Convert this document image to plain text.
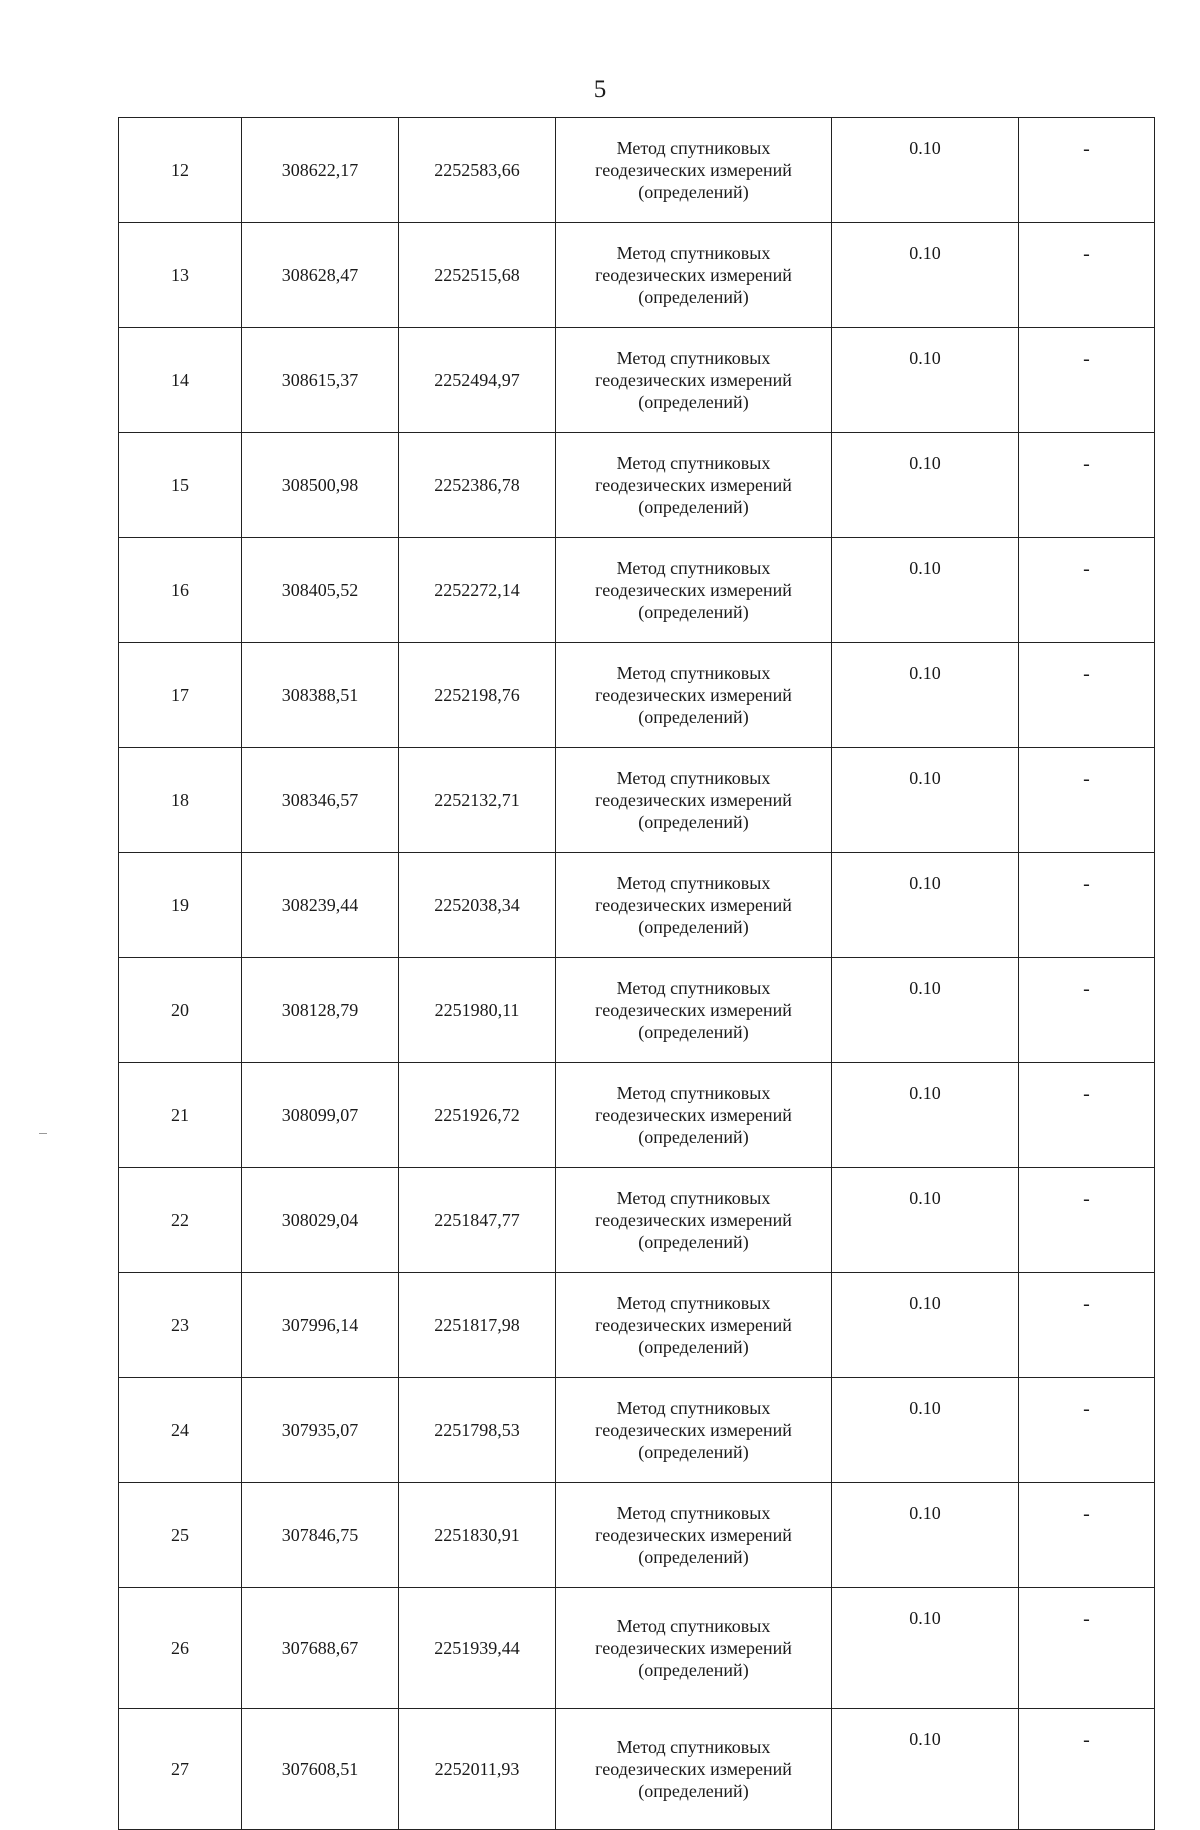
5
12	308622,17	2252583,66	Метод спутниковых
геодезических измерений
(определений)	0.10	-
13	308628,47	2252515,68	Метод спутниковых
геодезических измерений
(определений)	0.10	-
14	308615,37	2252494,97	Метод спутниковых
геодезических измерений
(определений)	0.10	-
15	308500,98	2252386,78	Метод спутниковых
геодезических измерений
(определений)	0.10	-
16	308405,52	2252272,14	Метод спутниковых
геодезических измерений
(определений)	0.10	-
17	308388,51	2252198,76	Метод спутниковых
геодезических измерений
(определений)	0.10	-
18	308346,57	2252132,71	Метод спутниковых
геодезических измерений
(определений)	0.10	-
19	308239,44	2252038,34	Метод спутниковых
геодезических измерений
(определений)	0.10	-
20	308128,79	2251980,11	Метод спутниковых
геодезических измерений
(определений)	0.10	-
21	308099,07	2251926,72	Метод спутниковых
геодезических измерений
(определений)	0.10	-
22	308029,04	2251847,77	Метод спутниковых
геодезических измерений
(определений)	0.10	-
23	307996,14	2251817,98	Метод спутниковых
геодезических измерений
(определений)	0.10	-
24	307935,07	2251798,53	Метод спутниковых
геодезических измерений
(определений)	0.10	-
25	307846,75	2251830,91	Метод спутниковых
геодезических измерений
(определений)	0.10	-
26	307688,67	2251939,44	Метод спутниковых
геодезических измерений
(определений)	0.10	-
27	307608,51	2252011,93	Метод спутниковых
геодезических измерений
(определений)	0.10	-
